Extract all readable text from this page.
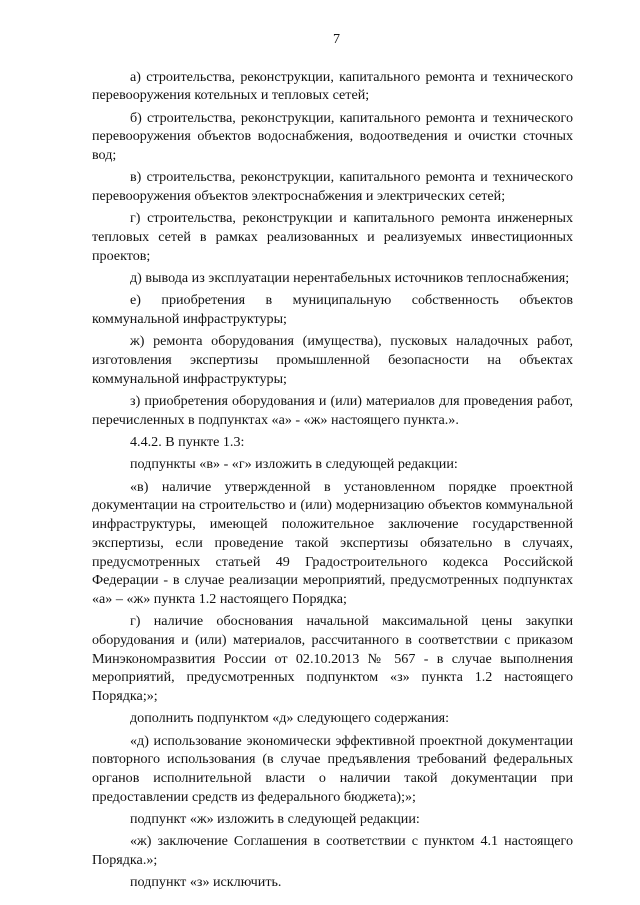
7

а) строительства, реконструкции, капитального ремонта и технического перевооружения котельных и тепловых сетей;

б) строительства, реконструкции, капитального ремонта и технического перевооружения объектов водоснабжения, водоотведения и очистки сточных вод;

в) строительства, реконструкции, капитального ремонта и технического перевооружения объектов электроснабжения и электрических сетей;

г) строительства, реконструкции и капитального ремонта инженерных тепловых сетей в рамках реализованных и реализуемых инвестиционных проектов;

д) вывода из эксплуатации нерентабельных источников теплоснабжения;

е) приобретения в муниципальную собственность объектов коммунальной инфраструктуры;

ж) ремонта оборудования (имущества), пусковых наладочных работ, изготовления экспертизы промышленной безопасности на объектах коммунальной инфраструктуры;

з) приобретения оборудования и (или) материалов для проведения работ, перечисленных в подпунктах «а» - «ж» настоящего пункта.».

4.4.2. В пункте 1.3:

подпункты «в» - «г» изложить в следующей редакции:

«в) наличие утвержденной в установленном порядке проектной документации на строительство и (или) модернизацию объектов коммунальной инфраструктуры, имеющей положительное заключение государственной экспертизы, если проведение такой экспертизы обязательно в случаях, предусмотренных статьей 49 Градостроительного кодекса Российской Федерации - в случае реализации мероприятий, предусмотренных подпунктах «а» – «ж» пункта 1.2 настоящего Порядка;

г) наличие обоснования начальной максимальной цены закупки оборудования и (или) материалов, рассчитанного в соответствии с приказом Минэкономразвития России от 02.10.2013 № 567 - в случае выполнения мероприятий, предусмотренных подпунктом «з» пункта 1.2 настоящего Порядка;»;

дополнить подпунктом «д» следующего содержания:

«д) использование экономически эффективной проектной документации повторного использования (в случае предъявления требований федеральных органов исполнительной власти о наличии такой документации при предоставлении средств из федерального бюджета);»;

подпункт «ж» изложить в следующей редакции:

«ж) заключение Соглашения в соответствии с пунктом 4.1 настоящего Порядка.»;

подпункт «з» исключить.
